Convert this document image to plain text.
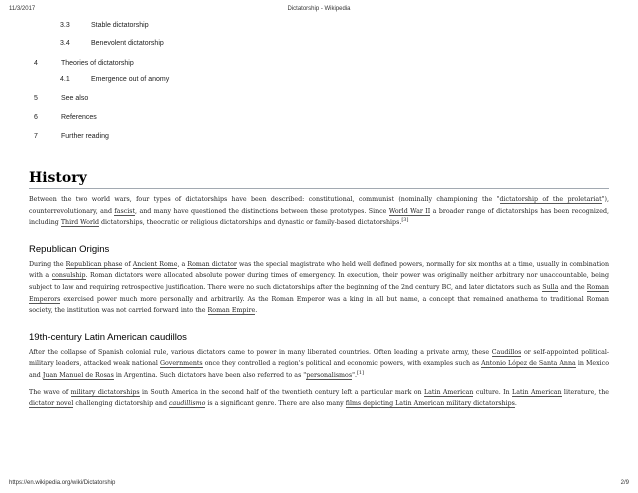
11/3/2017	Dictatorship - Wikipedia
3.3	Stable dictatorship
3.4	Benevolent dictatorship
4	Theories of dictatorship
4.1	Emergence out of anomy
5	See also
6	References
7	Further reading
History

Between the two world wars, four types of dictatorships have been described: constitutional, communist (nominally championing the "dictatorship of the proletariat"), counterrevolutionary, and fascist, and many have questioned the distinctions between these prototypes. Since World War II a broader range of dictatorships has been recognized, including Third World dictatorships, theocratic or religious dictatorships and dynastic or family-based dictatorships.[3]

Republican Origins

During the Republican phase of Ancient Rome, a Roman dictator was the special magistrate who held well defined powers, normally for six months at a time, usually in combination with a consulship. Roman dictators were allocated absolute power during times of emergency. In execution, their power was originally neither arbitrary nor unaccountable, being subject to law and requiring retrospective justification. There were no such dictatorships after the beginning of the 2nd century BC, and later dictators such as Sulla and the Roman Emperors exercised power much more personally and arbitrarily. As the Roman Emperor was a king in all but name, a concept that remained anathema to traditional Roman society, the institution was not carried forward into the Roman Empire.

19th-century Latin American caudillos

After the collapse of Spanish colonial rule, various dictators came to power in many liberated countries. Often leading a private army, these Caudillos or self-appointed political-military leaders, attacked weak national Governments once they controlled a region's political and economic powers, with examples such as Antonio López de Santa Anna in Mexico and Juan Manuel de Rosas in Argentina. Such dictators have been also referred to as "personalismos".[1]

The wave of military dictatorships in South America in the second half of the twentieth century left a particular mark on Latin American culture. In Latin American literature, the dictator novel challenging dictatorship and caudillismo is a significant genre. There are also many films depicting Latin American military dictatorships.

https://en.wikipedia.org/wiki/Dictatorship	2/9
